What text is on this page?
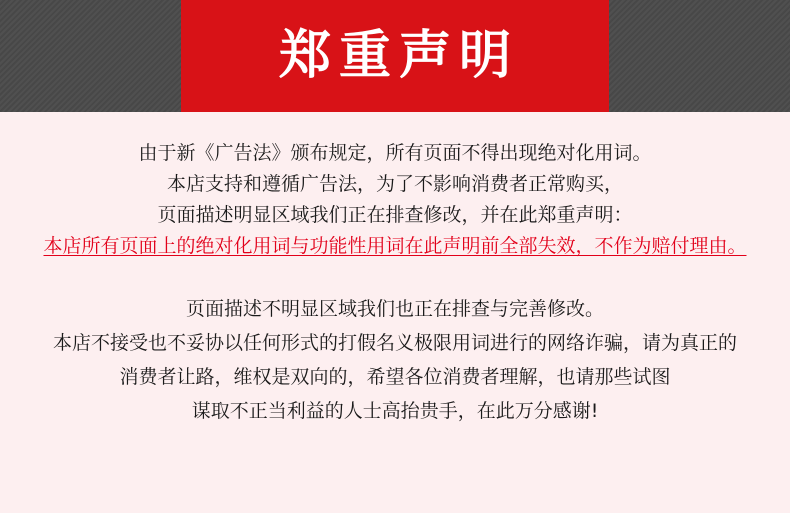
郑重声明
由于新《广告法》颁布规定，所有页面不得出现绝对化用词。
本店支持和遵循广告法，为了不影响消费者正常购买，
页面描述明显区域我们正在排查修改，并在此郑重声明：
本店所有页面上的绝对化用词与功能性用词在此声明前全部失效，不作为赔付理由。
页面描述不明显区域我们也正在排查与完善修改。
本店不接受也不妥协以任何形式的打假名义极限用词进行的网络诈骗，请为真正的
消费者让路，维权是双向的，希望各位消费者理解，也请那些试图
谋取不正当利益的人士高抬贵手，在此万分感谢!
